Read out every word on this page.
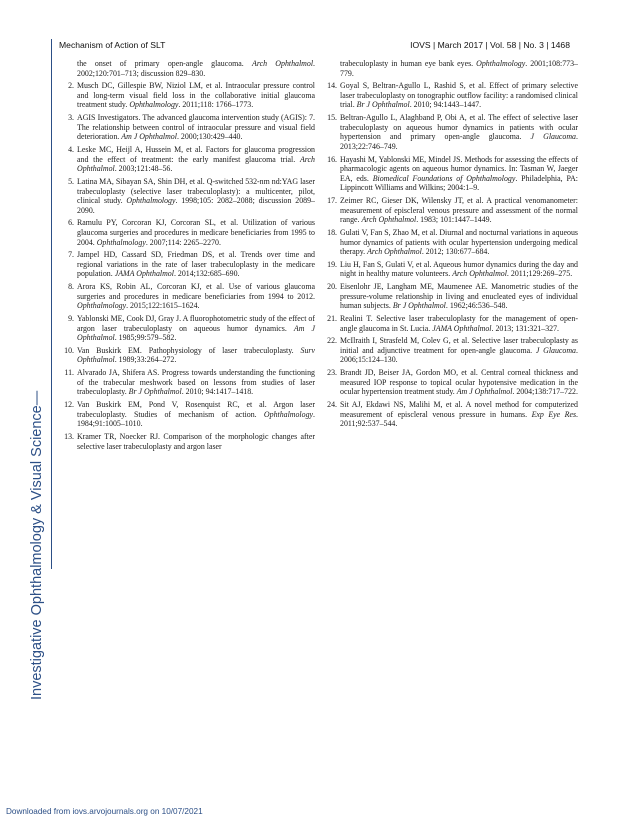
Mechanism of Action of SLT	IOVS | March 2017 | Vol. 58 | No. 3 | 1468
Investigative Ophthalmology & Visual Science—
the onset of primary open-angle glaucoma. Arch Ophthalmol. 2002;120:701–713; discussion 829–830.
2. Musch DC, Gillespie BW, Niziol LM, et al. Intraocular pressure control and long-term visual field loss in the collaborative initial glaucoma treatment study. Ophthalmology. 2011;118: 1766–1773.
3. AGIS Investigators. The advanced glaucoma intervention study (AGIS): 7. The relationship between control of intraocular pressure and visual field deterioration. Am J Ophthalmol. 2000;130:429–440.
4. Leske MC, Heijl A, Hussein M, et al. Factors for glaucoma progression and the effect of treatment: the early manifest glaucoma trial. Arch Ophthalmol. 2003;121:48–56.
5. Latina MA, Sibayan SA, Shin DH, et al. Q-switched 532-nm nd:YAG laser trabeculoplasty (selective laser trabeculoplasty): a multicenter, pilot, clinical study. Ophthalmology. 1998;105: 2082–2088; discussion 2089–2090.
6. Ramulu PY, Corcoran KJ, Corcoran SL, et al. Utilization of various glaucoma surgeries and procedures in medicare beneficiaries from 1995 to 2004. Ophthalmology. 2007;114: 2265–2270.
7. Jampel HD, Cassard SD, Friedman DS, et al. Trends over time and regional variations in the rate of laser trabeculoplasty in the medicare population. JAMA Ophthalmol. 2014;132:685–690.
8. Arora KS, Robin AL, Corcoran KJ, et al. Use of various glaucoma surgeries and procedures in medicare beneficiaries from 1994 to 2012. Ophthalmology. 2015;122:1615–1624.
9. Yablonski ME, Cook DJ, Gray J. A fluorophotometric study of the effect of argon laser trabeculoplasty on aqueous humor dynamics. Am J Ophthalmol. 1985;99:579–582.
10. Van Buskirk EM. Pathophysiology of laser trabeculoplasty. Surv Ophthalmol. 1989;33:264–272.
11. Alvarado JA, Shifera AS. Progress towards understanding the functioning of the trabecular meshwork based on lessons from studies of laser trabeculoplasty. Br J Ophthalmol. 2010; 94:1417–1418.
12. Van Buskirk EM, Pond V, Rosenquist RC, et al. Argon laser trabeculoplasty. Studies of mechanism of action. Ophthalmology. 1984;91:1005–1010.
13. Kramer TR, Noecker RJ. Comparison of the morphologic changes after selective laser trabeculoplasty and argon laser
trabeculoplasty in human eye bank eyes. Ophthalmology. 2001;108:773–779.
14. Goyal S, Beltran-Agullo L, Rashid S, et al. Effect of primary selective laser trabeculoplasty on tonographic outflow facility: a randomised clinical trial. Br J Ophthalmol. 2010; 94:1443–1447.
15. Beltran-Agullo L, Alaghband P, Obi A, et al. The effect of selective laser trabeculoplasty on aqueous humor dynamics in patients with ocular hypertension and primary open-angle glaucoma. J Glaucoma. 2013;22:746–749.
16. Hayashi M, Yablonski ME, Mindel JS. Methods for assessing the effects of pharmacologic agents on aqueous humor dynamics. In: Tasman W, Jaeger EA, eds. Biomedical Foundations of Ophthalmology. Philadelphia, PA: Lippincott Williams and Wilkins; 2004:1–9.
17. Zeimer RC, Gieser DK, Wilensky JT, et al. A practical venomanometer: measurement of episcleral venous pressure and assessment of the normal range. Arch Ophthalmol. 1983; 101:1447–1449.
18. Gulati V, Fan S, Zhao M, et al. Diurnal and nocturnal variations in aqueous humor dynamics of patients with ocular hypertension undergoing medical therapy. Arch Ophthalmol. 2012; 130:677–684.
19. Liu H, Fan S, Gulati V, et al. Aqueous humor dynamics during the day and night in healthy mature volunteers. Arch Ophthalmol. 2011;129:269–275.
20. Eisenlohr JE, Langham ME, Maumenee AE. Manometric studies of the pressure-volume relationship in living and enucleated eyes of individual human subjects. Br J Ophthalmol. 1962;46:536–548.
21. Realini T. Selective laser trabeculoplasty for the management of open-angle glaucoma in St. Lucia. JAMA Ophthalmol. 2013; 131:321–327.
22. McIlraith I, Strasfeld M, Colev G, et al. Selective laser trabeculoplasty as initial and adjunctive treatment for open-angle glaucoma. J Glaucoma. 2006;15:124–130.
23. Brandt JD, Beiser JA, Gordon MO, et al. Central corneal thickness and measured IOP response to topical ocular hypotensive medication in the ocular hypertension treatment study. Am J Ophthalmol. 2004;138:717–722.
24. Sit AJ, Ekdawi NS, Malihi M, et al. A novel method for computerized measurement of episcleral venous pressure in humans. Exp Eye Res. 2011;92:537–544.
Downloaded from iovs.arvojournals.org on 10/07/2021
